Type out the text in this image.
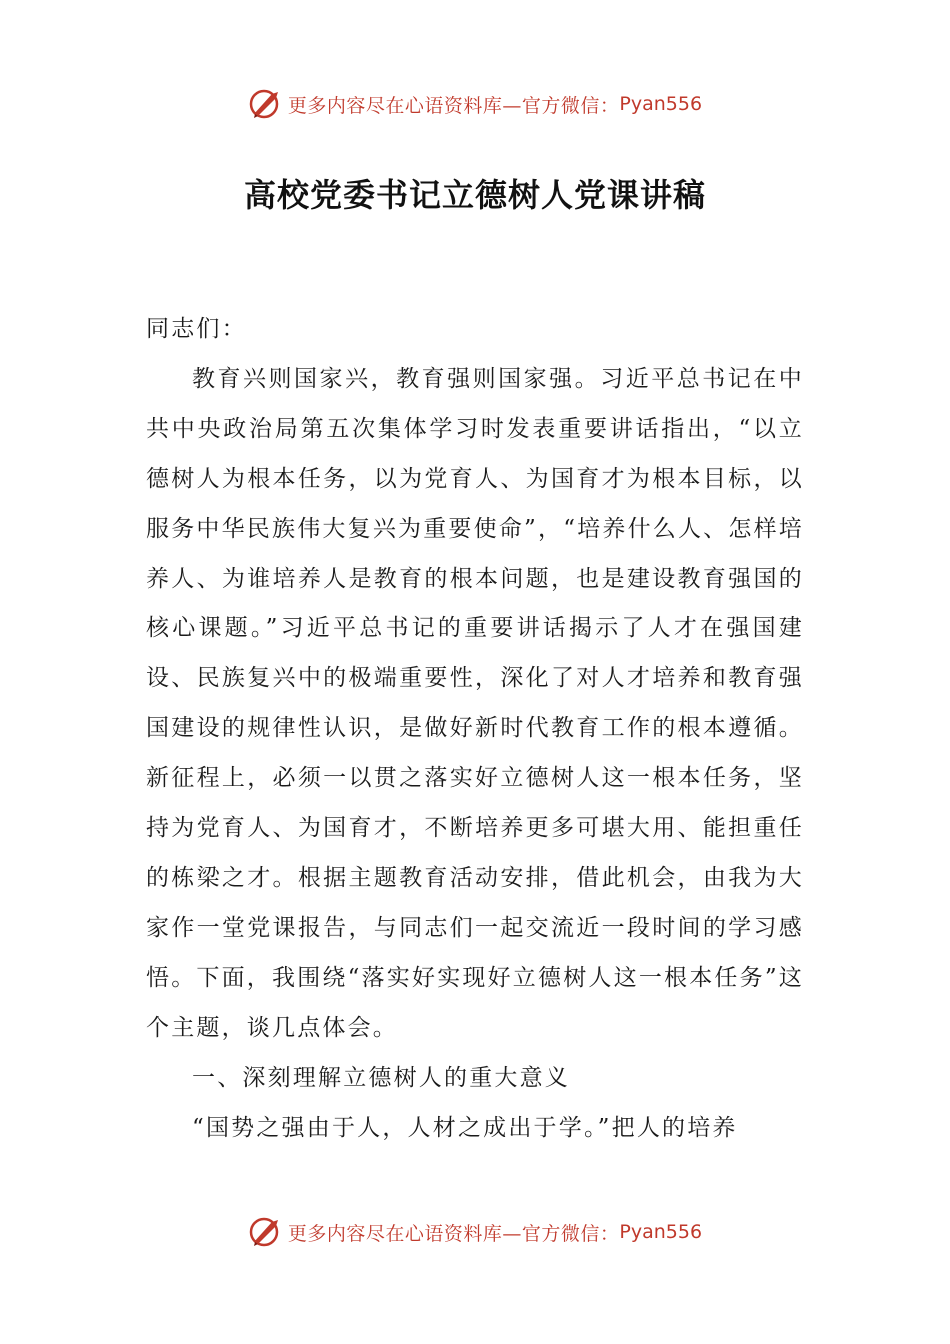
更多内容尽在心语资料库—官方微信： Pyan556
高校党委书记立德树人党课讲稿

同志们：

教育兴则国家兴，教育强则国家强。习近平总书记在中共中央政治局第五次集体学习时发表重要讲话指出，“以立德树人为根本任务，以为党育人、为国育才为根本目标，以服务中华民族伟大复兴为重要使命”，“培养什么人、怎样培养人、为谁培养人是教育的根本问题，也是建设教育强国的核心课题。”习近平总书记的重要讲话揭示了人才在强国建设、民族复兴中的极端重要性，深化了对人才培养和教育强国建设的规律性认识，是做好新时代教育工作的根本遵循。新征程上，必须一以贯之落实好立德树人这一根本任务，坚持为党育人、为国育才，不断培养更多可堪大用、能担重任的栋梁之才。根据主题教育活动安排，借此机会，由我为大家作一堂党课报告，与同志们一起交流近一段时间的学习感悟。下面，我围绕“落实好实现好立德树人这一根本任务”这个主题，谈几点体会。

一、深刻理解立德树人的重大意义

“国势之强由于人，人材之成出于学。”把人的培养

更多内容尽在心语资料库—官方微信： Pyan556
